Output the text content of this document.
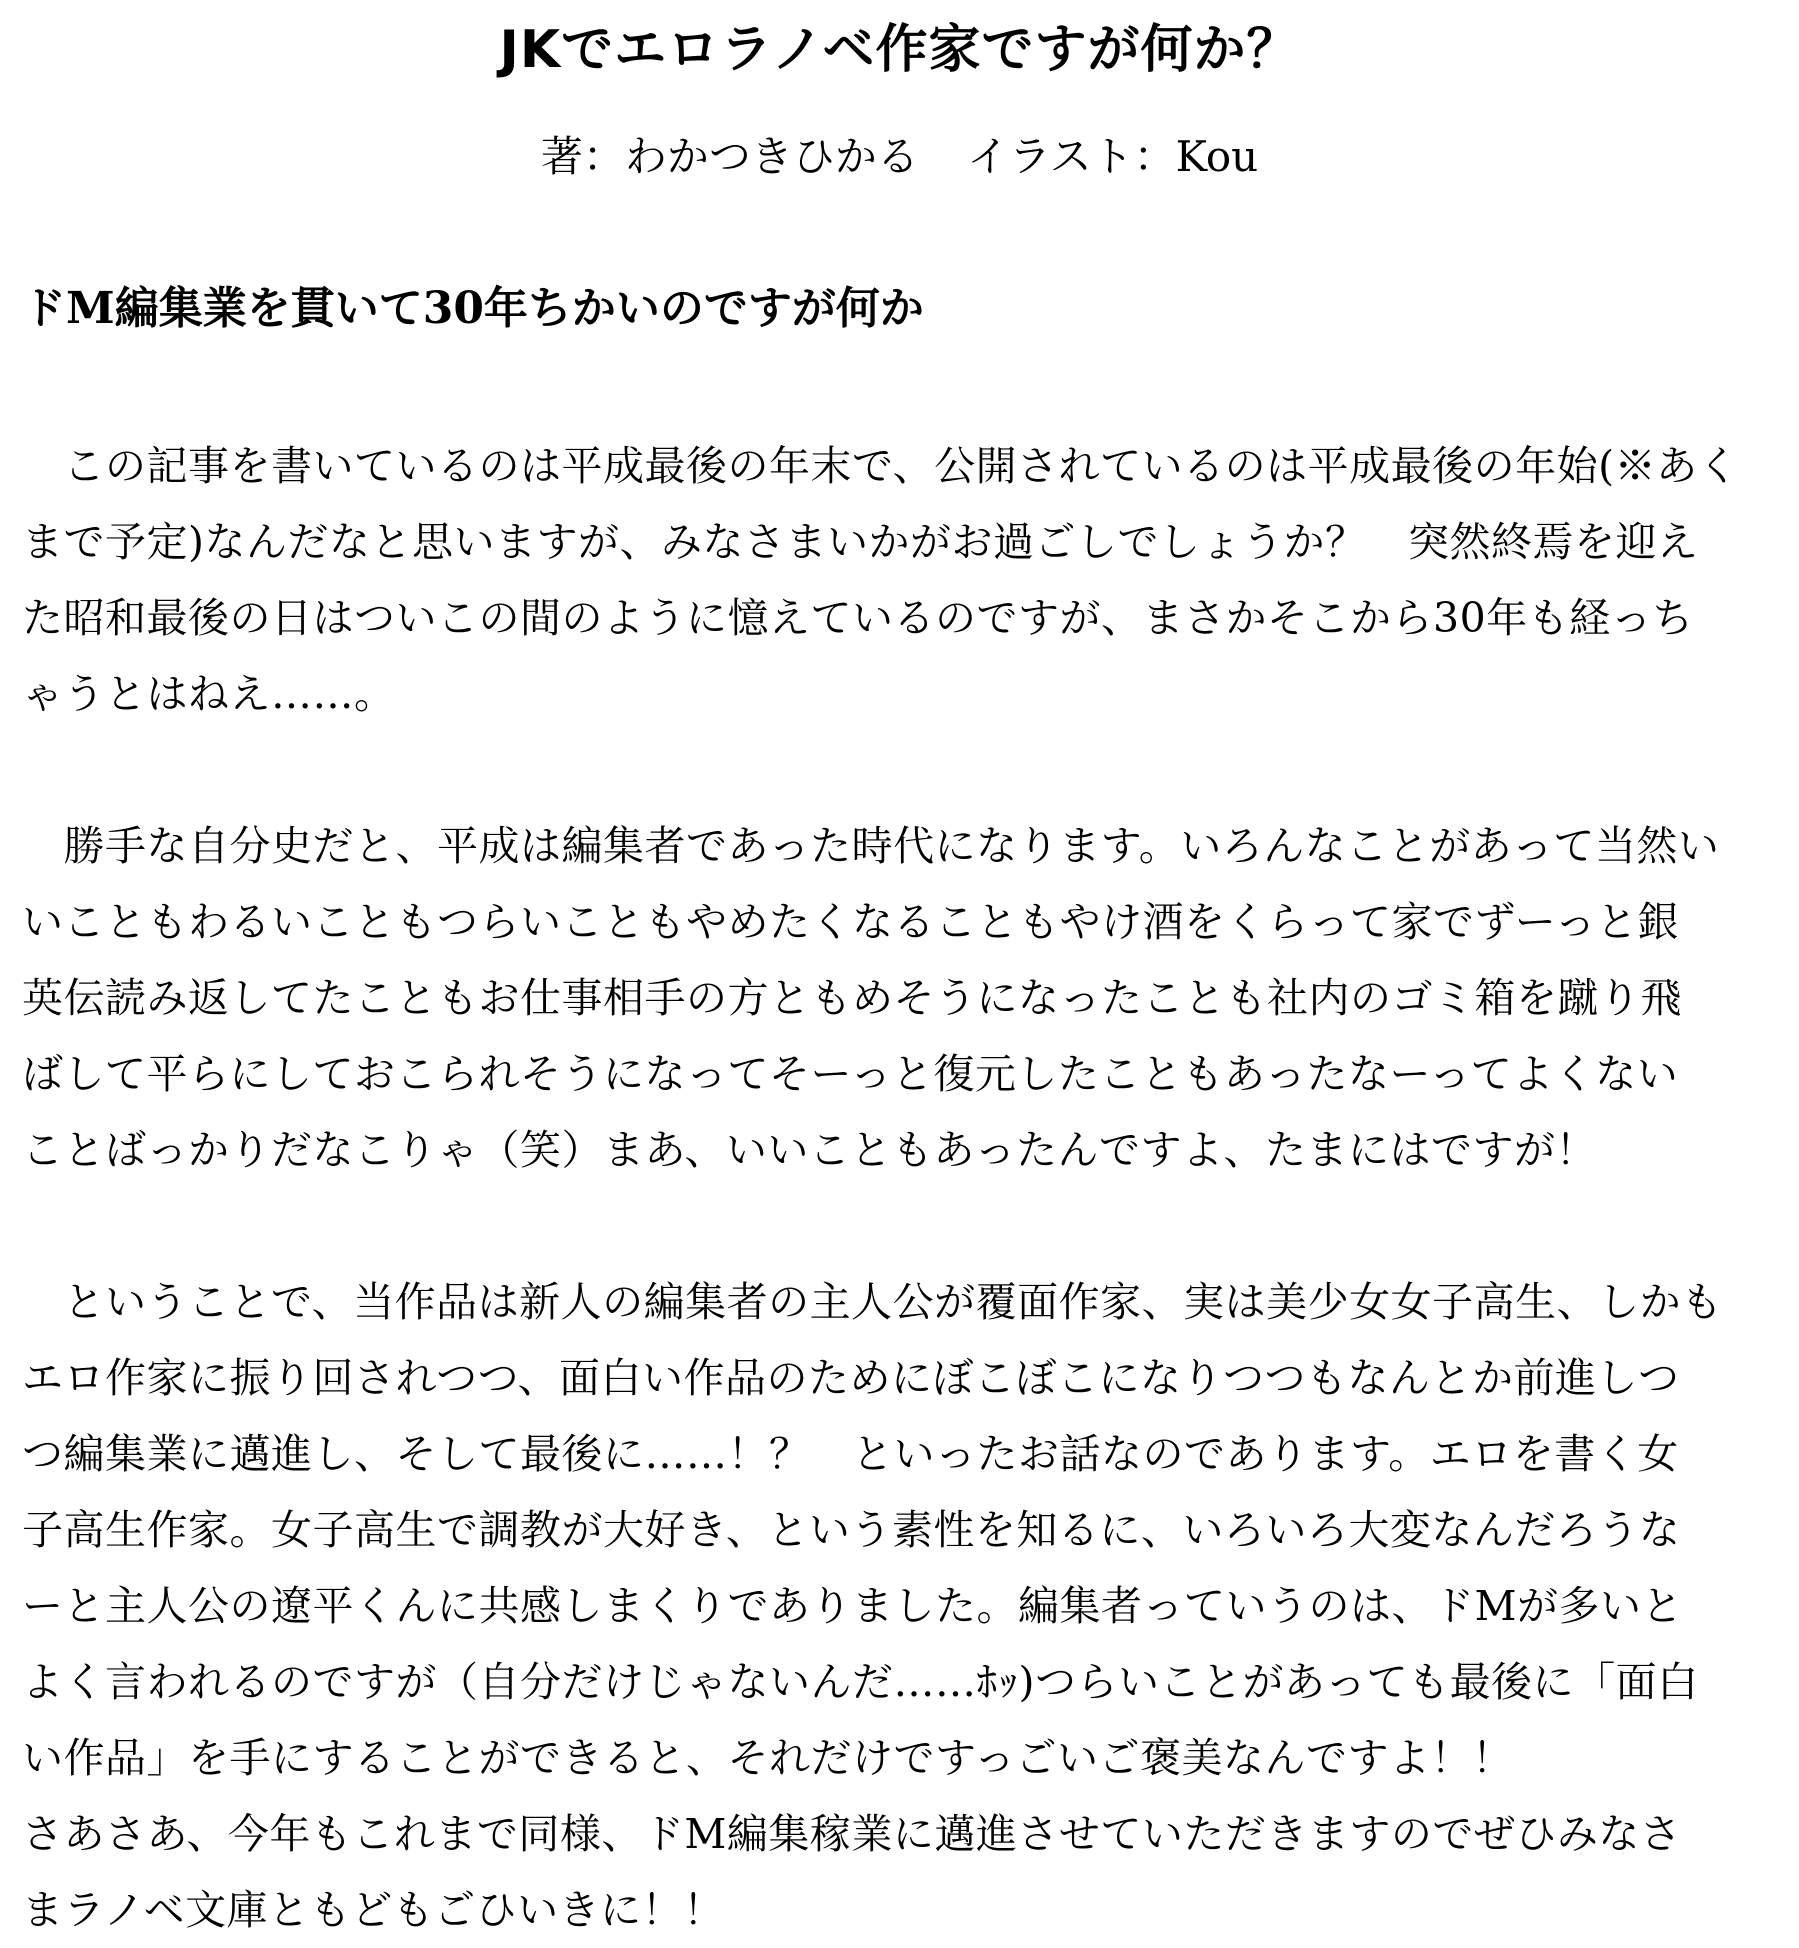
JKでエロラノベ作家ですが何か？

著：わかつきひかる イラスト：Kou

ドM編集業を貫いて30年ちかいのですが何か
　この記事を書いているのは平成最後の年末で、公開されているのは平成最後の年始(※あく
まで予定)なんだなと思いますが、みなさまいかがお過ごしでしょうか？　突然終焉を迎え
た昭和最後の日はついこの間のように憶えているのですが、まさかそこから30年も経っち
ゃうとはねえ……。
　勝手な自分史だと、平成は編集者であった時代になります。いろんなことがあって当然い
いこともわるいこともつらいこともやめたくなることもやけ酒をくらって家でずーっと銀
英伝読み返してたこともお仕事相手の方ともめそうになったことも社内のゴミ箱を蹴り飛
ばして平らにしておこられそうになってそーっと復元したこともあったなーってよくない
ことばっかりだなこりゃ（笑）まあ、いいこともあったんですよ、たまにはですが！
　ということで、当作品は新人の編集者の主人公が覆面作家、実は美少女女子高生、しかも
エロ作家に振り回されつつ、面白い作品のためにぼこぼこになりつつもなんとか前進しつ
つ編集業に邁進し、そして最後に……！？　といったお話なのであります。エロを書く女
子高生作家。女子高生で調教が大好き、という素性を知るに、いろいろ大変なんだろうな
ーと主人公の遼平くんに共感しまくりでありました。編集者っていうのは、ドMが多いと
よく言われるのですが（自分だけじゃないんだ……ﾎｯ)つらいことがあっても最後に「面白
い作品」を手にすることができると、それだけですっごいご褒美なんですよ！！
さあさあ、今年もこれまで同様、ドM編集稼業に邁進させていただきますのでぜひみなさ
まラノベ文庫ともどもごひいきに！！
